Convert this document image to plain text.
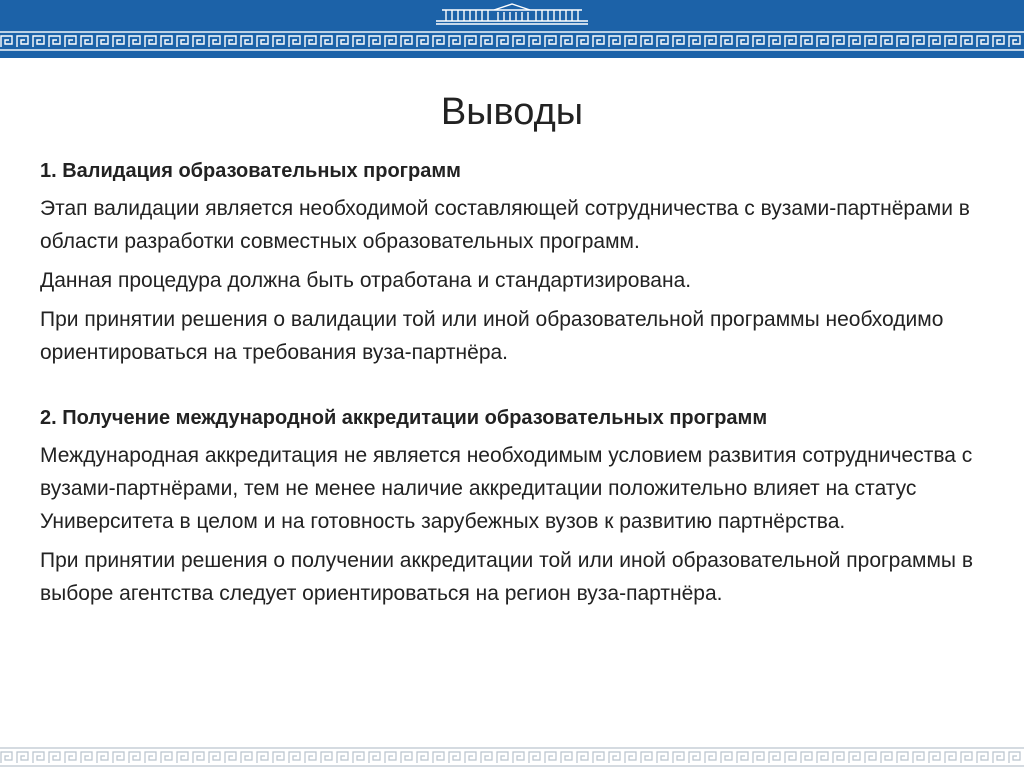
Выводы
1. Валидация образовательных программ
Этап валидации является необходимой составляющей сотрудничества с вузами-партнёрами в области разработки совместных образовательных программ.
Данная процедура должна быть отработана и стандартизирована.
При принятии решения о валидации той или иной образовательной программы необходимо ориентироваться на требования вуза-партнёра.
2. Получение международной аккредитации образовательных программ
Международная аккредитация не является необходимым условием развития сотрудничества с вузами-партнёрами, тем не менее наличие аккредитации положительно влияет на статус Университета в целом и на готовность зарубежных вузов к развитию партнёрства.
При принятии решения о получении аккредитации той или иной образовательной программы в выборе агентства следует ориентироваться на регион вуза-партнёра.
